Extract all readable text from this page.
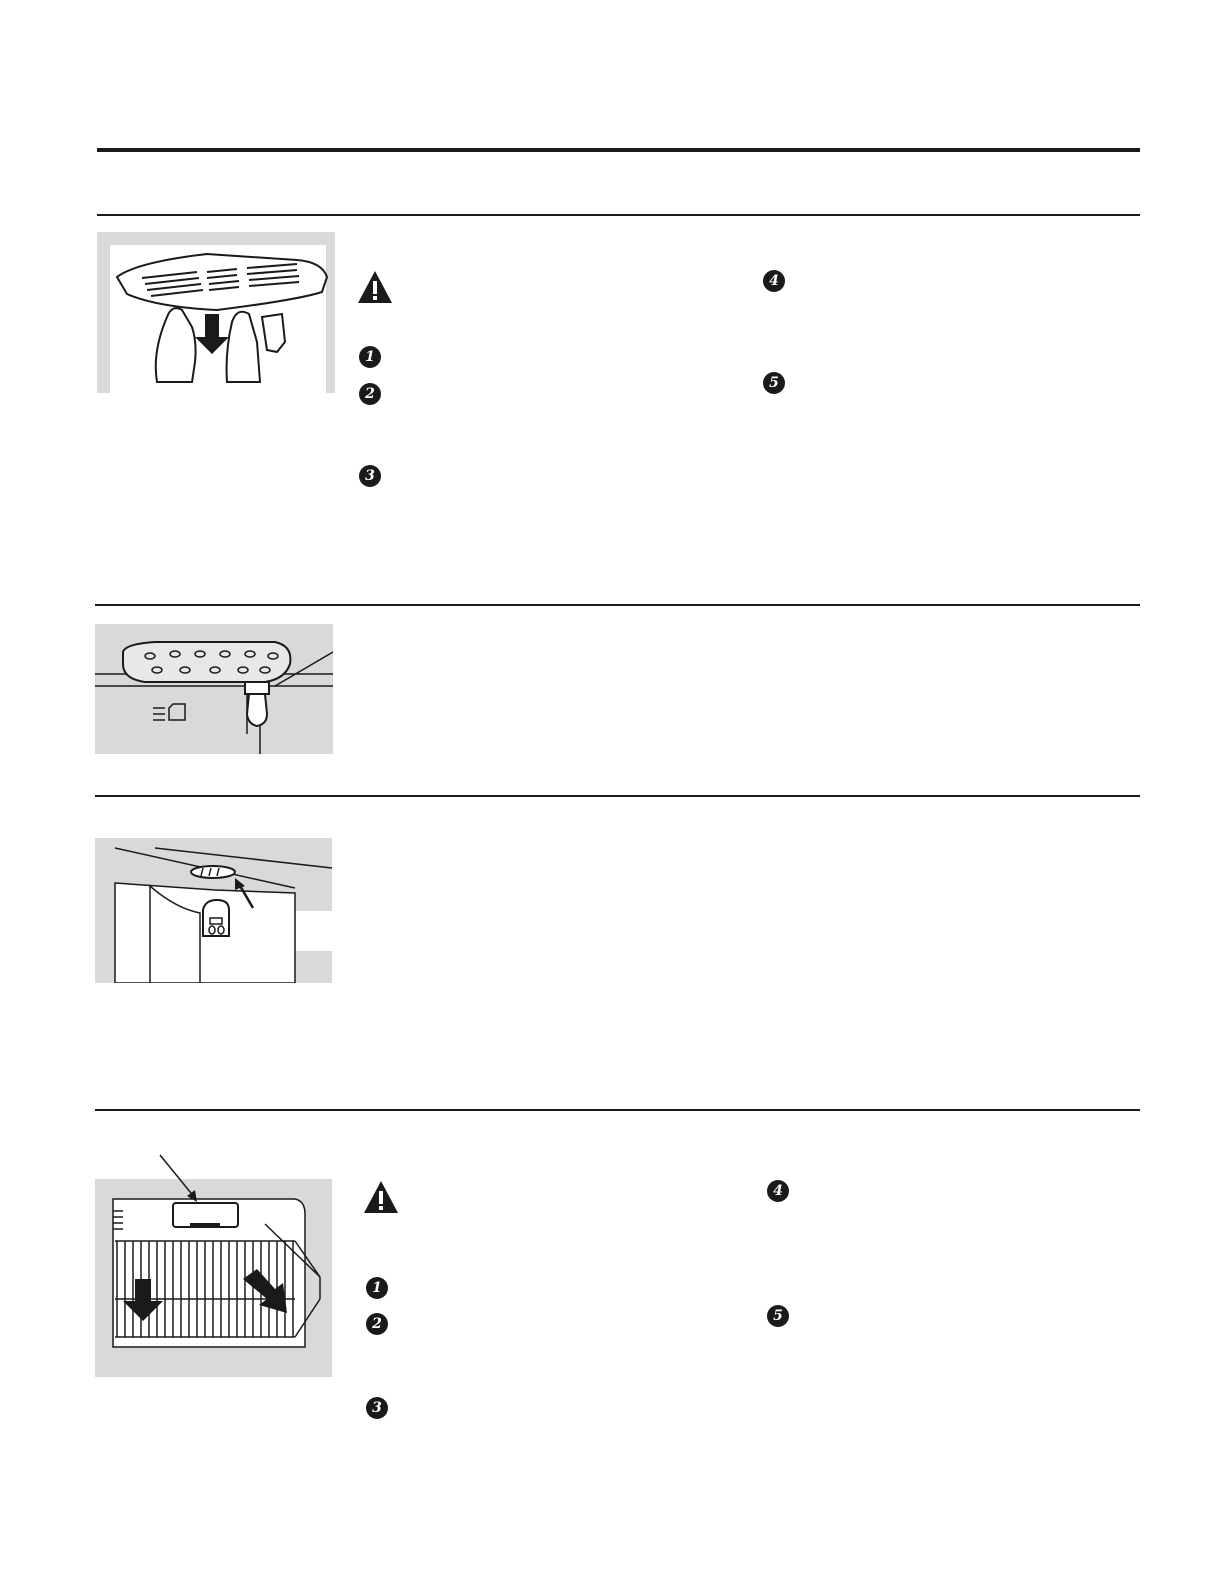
1
2
3
4
5
1
2
3
4
5
